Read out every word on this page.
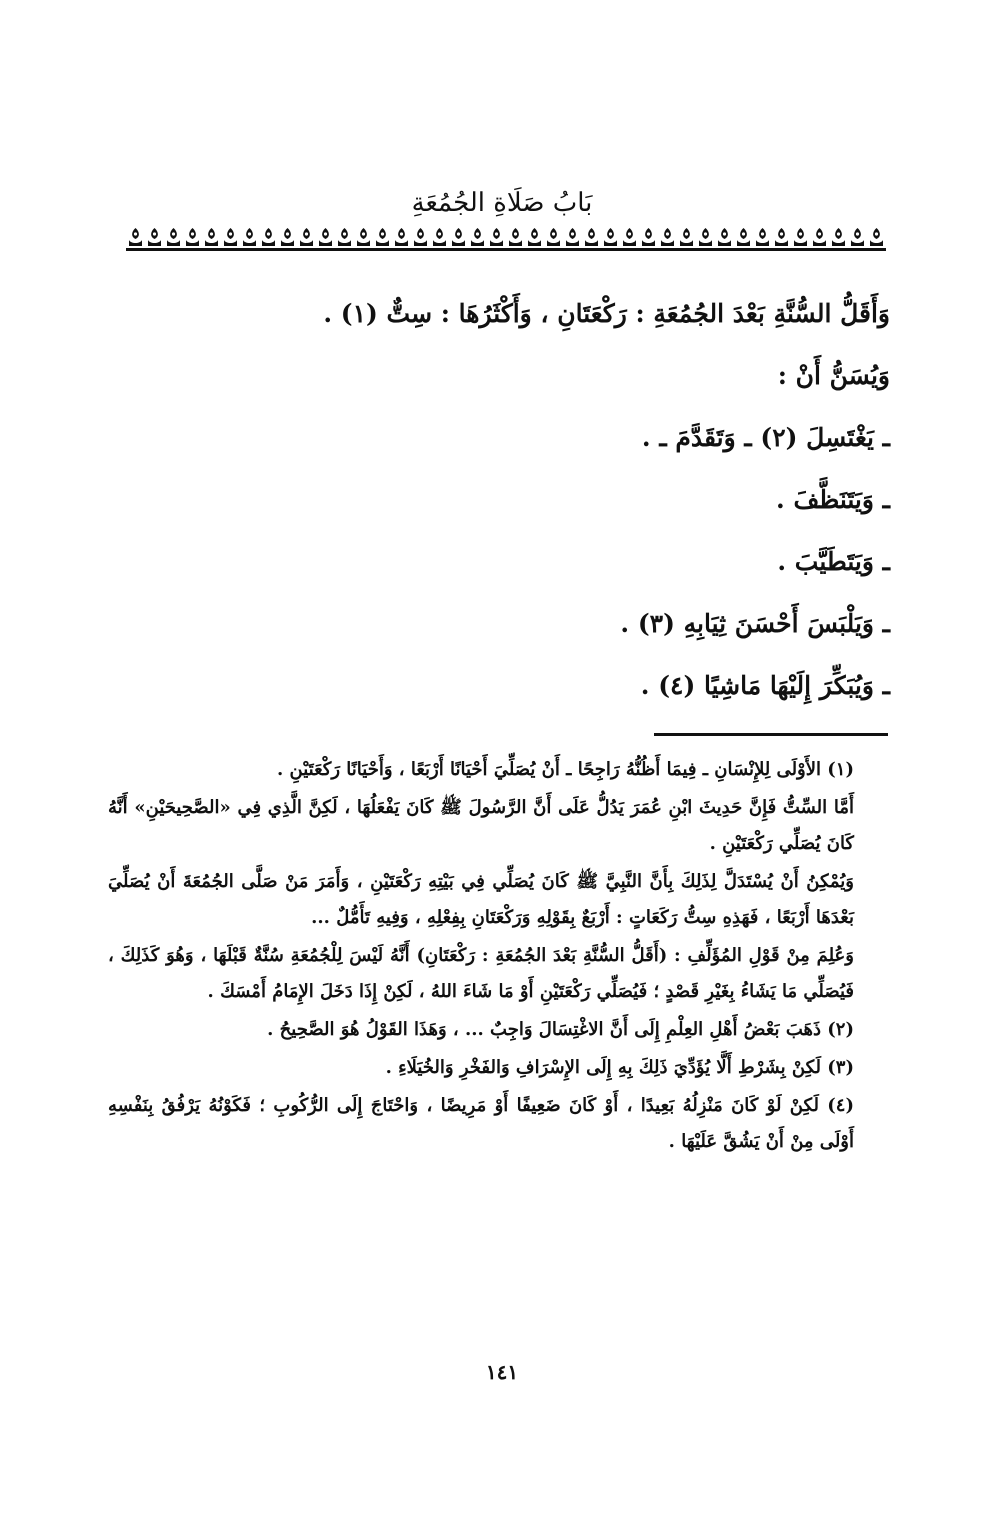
بَابُ صَلَاةِ الجُمُعَةِ
وَأَقَلُّ السُّنَّةِ بَعْدَ الجُمُعَةِ : رَكْعَتَانِ ، وَأَكْثَرُهَا : سِتٌّ (١) .
وَيُسَنُّ أَنْ :
ـ يَغْتَسِلَ (٢) ـ وَتَقَدَّمَ ـ .
ـ وَيَتَنَظَّفَ .
ـ وَيَتَطَيَّبَ .
ـ وَيَلْبَسَ أَحْسَنَ ثِيَابِهِ (٣) .
ـ وَيُبَكِّرَ إِلَيْهَا مَاشِيًا (٤) .

(١) الأَوْلَى لِلإِنْسَانِ ـ فِيمَا أَظُنُّهُ رَاجِحًا ـ أَنْ يُصَلِّيَ أَحْيَانًا أَرْبَعًا ، وَأَحْيَانًا رَكْعَتَيْنِ .

أَمَّا السِّتُّ فَإِنَّ حَدِيثَ ابْنِ عُمَرَ يَدُلُّ عَلَى أَنَّ الرَّسُولَ ﷺ كَانَ يَفْعَلُهَا ، لَكِنَّ الَّذِي فِي «الصَّحِيحَيْنِ» أَنَّهُ كَانَ يُصَلِّي رَكْعَتَيْنِ .

وَيُمْكِنُ أَنْ يُسْتَدَلَّ لِذَلِكَ بِأَنَّ النَّبِيَّ ﷺ كَانَ يُصَلِّي فِي بَيْتِهِ رَكْعَتَيْنِ ، وَأَمَرَ مَنْ صَلَّى الجُمُعَةَ أَنْ يُصَلِّيَ بَعْدَهَا أَرْبَعًا ، فَهَذِهِ سِتُّ رَكَعَاتٍ : أَرْبَعٌ بِقَوْلِهِ وَرَكْعَتَانِ بِفِعْلِهِ ، وَفِيهِ تَأَمُّلٌ ...

وَعُلِمَ مِنْ قَوْلِ المُؤَلِّفِ : (أَقَلُّ السُّنَّةِ بَعْدَ الجُمُعَةِ : رَكْعَتَانِ) أَنَّهُ لَيْسَ لِلْجُمُعَةِ سُنَّةٌ قَبْلَهَا ، وَهُوَ كَذَلِكَ ، فَيُصَلِّي مَا يَشَاءُ بِغَيْرِ قَصْدٍ ؛ فَيُصَلِّي رَكْعَتَيْنِ أَوْ مَا شَاءَ اللهُ ، لَكِنْ إِذَا دَخَلَ الإِمَامُ أَمْسَكَ .

(٢) ذَهَبَ بَعْضُ أَهْلِ العِلْمِ إِلَى أَنَّ الاغْتِسَالَ وَاجِبٌ ... ، وَهَذَا القَوْلُ هُوَ الصَّحِيحُ .

(٣) لَكِنْ بِشَرْطِ أَلَّا يُؤَدِّيَ ذَلِكَ بِهِ إِلَى الإِسْرَافِ وَالفَخْرِ وَالخُيَلَاءِ .

(٤) لَكِنْ لَوْ كَانَ مَنْزِلُهُ بَعِيدًا ، أَوْ كَانَ ضَعِيفًا أَوْ مَرِيضًا ، وَاحْتَاجَ إِلَى الرُّكُوبِ ؛ فَكَوْنُهُ يَرْفُقُ بِنَفْسِهِ أَوْلَى مِنْ أَنْ يَشُقَّ عَلَيْهَا .

١٤١
